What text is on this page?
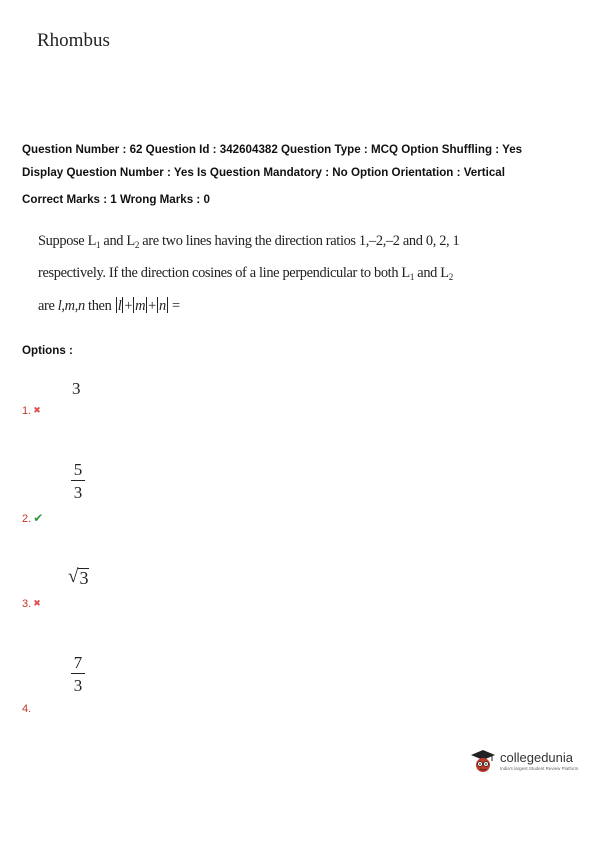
Rhombus
Question Number : 62 Question Id : 342604382 Question Type : MCQ Option Shuffling : Yes
Display Question Number : Yes Is Question Mandatory : No Option Orientation : Vertical
Correct Marks : 1 Wrong Marks : 0
Suppose $L_1$ and $L_2$ are two lines having the direction ratios 1,–2,–2 and 0, 2, 1
respectively. If the direction cosines of a line perpendicular to both $L_1$ and $L_2$
are l,m,n then l + m + n =
Options :
3
1. ✖
5
3
2. ✔
√ 3
3. ✖
7
3
4.
collegedunia
India's largest Student Review Platform
